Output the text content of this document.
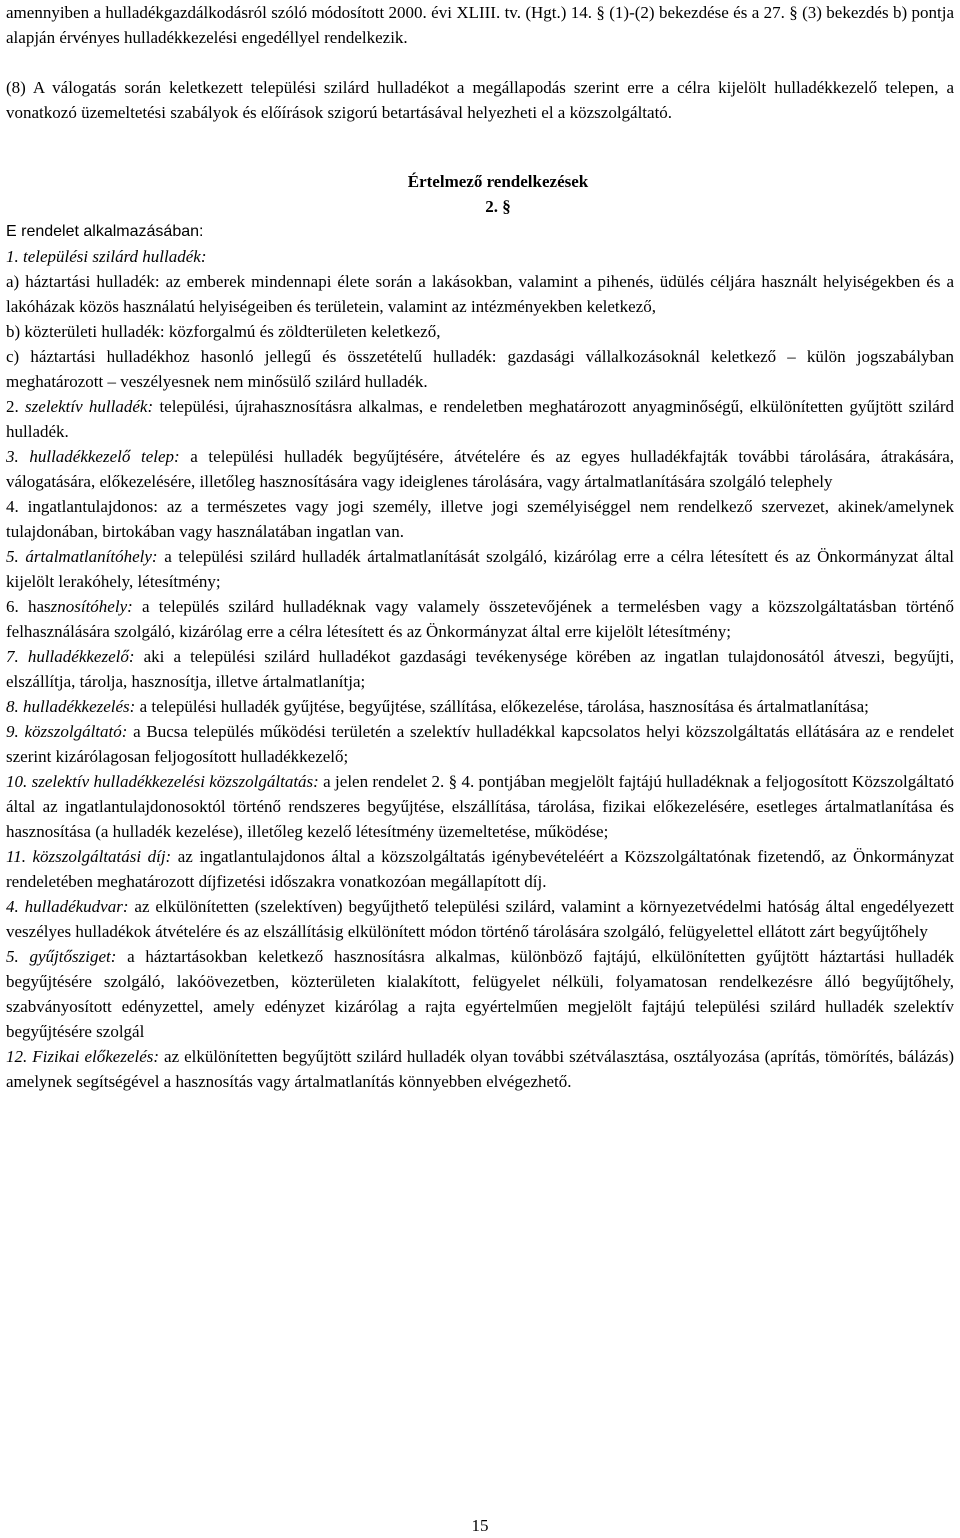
amennyiben a hulladékgazdálkodásról szóló módosított 2000. évi XLIII. tv. (Hgt.) 14. § (1)-(2) bekezdése és a 27. § (3) bekezdés b) pontja alapján érvényes hulladékkezelési engedéllyel rendelkezik.

(8) A válogatás során keletkezett települési szilárd hulladékot a megállapodás szerint erre a célra kijelölt hulladékkezelő telepen, a vonatkozó üzemeltetési szabályok és előírások szigorú betartásával helyezheti el a közszolgáltató.

Értelmező rendelkezések

2. §

E rendelet alkalmazásában:

1. települési szilárd hulladék:

a) háztartási hulladék: az emberek mindennapi élete során a lakásokban, valamint a pihenés, üdülés céljára használt helyiségekben és a lakóházak közös használatú helyiségeiben és területein, valamint az intézményekben keletkező,

b) közterületi hulladék: közforgalmú és zöldterületen keletkező,

c) háztartási hulladékhoz hasonló jellegű és összetételű hulladék: gazdasági vállalkozásoknál keletkező – külön jogszabályban meghatározott – veszélyesnek nem minősülő szilárd hulladék.

2. szelektív hulladék: települési, újrahasznosításra alkalmas, e rendeletben meghatározott anyagminőségű, elkülönítetten gyűjtött szilárd hulladék.

3. hulladékkezelő telep: a települési hulladék begyűjtésére, átvételére és az egyes hulladékfajták további tárolására, átrakására, válogatására, előkezelésére, illetőleg hasznosítására vagy ideiglenes tárolására, vagy ártalmatlanítására szolgáló telephely

4. ingatlantulajdonos: az a természetes vagy jogi személy, illetve jogi személyiséggel nem rendelkező szervezet, akinek/amelynek tulajdonában, birtokában vagy használatában ingatlan van.

5. ártalmatlanítóhely: a települési szilárd hulladék ártalmatlanítását szolgáló, kizárólag erre a célra létesített és az Önkormányzat által kijelölt lerakóhely, létesítmény;

6. hasznosítóhely: a település szilárd hulladéknak vagy valamely összetevőjének a termelésben vagy a közszolgáltatásban történő felhasználására szolgáló, kizárólag erre a célra létesített és az Önkormányzat által erre kijelölt létesítmény;

7. hulladékkezelő: aki a települési szilárd hulladékot gazdasági tevékenysége körében az ingatlan tulajdonosától átveszi, begyűjti, elszállítja, tárolja, hasznosítja, illetve ártalmatlanítja;

8. hulladékkezelés: a települési hulladék gyűjtése, begyűjtése, szállítása, előkezelése, tárolása, hasznosítása és ártalmatlanítása;

9. közszolgáltató: a Bucsa település működési területén a szelektív hulladékkal kapcsolatos helyi közszolgáltatás ellátására az e rendelet szerint kizárólagosan feljogosított hulladékkezelő;

10. szelektív hulladékkezelési közszolgáltatás: a jelen rendelet 2. § 4. pontjában megjelölt fajtájú hulladéknak a feljogosított Közszolgáltató által az ingatlantulajdonosoktól történő rendszeres begyűjtése, elszállítása, tárolása, fizikai előkezelésére, esetleges ártalmatlanítása és hasznosítása (a hulladék kezelése), illetőleg kezelő létesítmény üzemeltetése, működése;

11. közszolgáltatási díj: az ingatlantulajdonos által a közszolgáltatás igénybevételéért a Közszolgáltatónak fizetendő, az Önkormányzat rendeletében meghatározott díjfizetési időszakra vonatkozóan megállapított díj.

4. hulladékudvar: az elkülönítetten (szelektíven) begyűjthető települési szilárd, valamint a környezetvédelmi hatóság által engedélyezett veszélyes hulladékok átvételére és az elszállításig elkülönített módon történő tárolására szolgáló, felügyelettel ellátott zárt begyűjtőhely

5. gyűjtősziget: a háztartásokban keletkező hasznosításra alkalmas, különböző fajtájú, elkülönítetten gyűjtött háztartási hulladék begyűjtésére szolgáló, lakóövezetben, közterületen kialakított, felügyelet nélküli, folyamatosan rendelkezésre álló begyűjtőhely, szabványosított edényzettel, amely edényzet kizárólag a rajta egyértelműen megjelölt fajtájú települési szilárd hulladék szelektív begyűjtésére szolgál

12. Fizikai előkezelés: az elkülönítetten begyűjtött szilárd hulladék olyan további szétválasztása, osztályozása (aprítás, tömörítés, bálázás) amelynek segítségével a hasznosítás vagy ártalmatlanítás könnyebben elvégezhető.

15
